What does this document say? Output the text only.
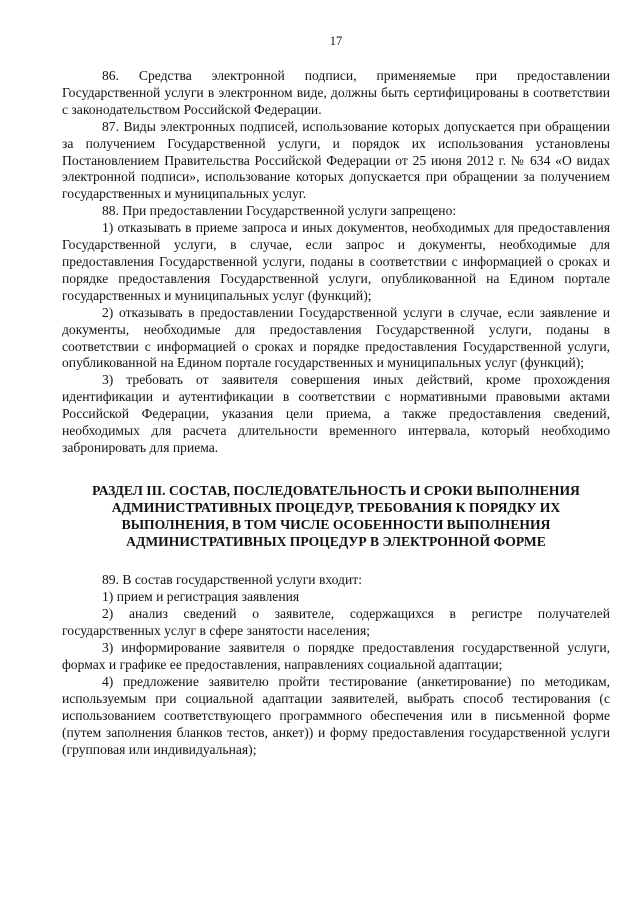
17

86. Средства электронной подписи, применяемые при предоставлении Государственной услуги в электронном виде, должны быть сертифицированы в соответствии с законодательством Российской Федерации.

87. Виды электронных подписей, использование которых допускается при обращении за получением Государственной услуги, и порядок их использования установлены Постановлением Правительства Российской Федерации от 25 июня 2012 г. № 634 «О видах электронной подписи», использование которых допускается при обращении за получением государственных и муниципальных услуг.

88. При предоставлении Государственной услуги запрещено:

1) отказывать в приеме запроса и иных документов, необходимых для предоставления Государственной услуги, в случае, если запрос и документы, необходимые для предоставления Государственной услуги, поданы в соответствии с информацией о сроках и порядке предоставления Государственной услуги, опубликованной на Едином портале государственных и муниципальных услуг (функций);

2) отказывать в предоставлении Государственной услуги в случае, если заявление и документы, необходимые для предоставления Государственной услуги, поданы в соответствии с информацией о сроках и порядке предоставления Государственной услуги, опубликованной на Едином портале государственных и муниципальных услуг (функций);

3) требовать от заявителя совершения иных действий, кроме прохождения идентификации и аутентификации в соответствии с нормативными правовыми актами Российской Федерации, указания цели приема, а также предоставления сведений, необходимых для расчета длительности временного интервала, который необходимо забронировать для приема.

РАЗДЕЛ III. СОСТАВ, ПОСЛЕДОВАТЕЛЬНОСТЬ И СРОКИ ВЫПОЛНЕНИЯ АДМИНИСТРАТИВНЫХ ПРОЦЕДУР, ТРЕБОВАНИЯ К ПОРЯДКУ ИХ ВЫПОЛНЕНИЯ, В ТОМ ЧИСЛЕ ОСОБЕННОСТИ ВЫПОЛНЕНИЯ АДМИНИСТРАТИВНЫХ ПРОЦЕДУР В ЭЛЕКТРОННОЙ ФОРМЕ

89. В состав государственной услуги входит:

1) прием и регистрация заявления

2) анализ сведений о заявителе, содержащихся в регистре получателей государственных услуг в сфере занятости населения;

3) информирование заявителя о порядке предоставления государственной услуги, формах и графике ее предоставления, направлениях социальной адаптации;

4) предложение заявителю пройти тестирование (анкетирование) по методикам, используемым при социальной адаптации заявителей, выбрать способ тестирования (с использованием соответствующего программного обеспечения или в письменной форме (путем заполнения бланков тестов, анкет)) и форму предоставления государственной услуги (групповая или индивидуальная);
